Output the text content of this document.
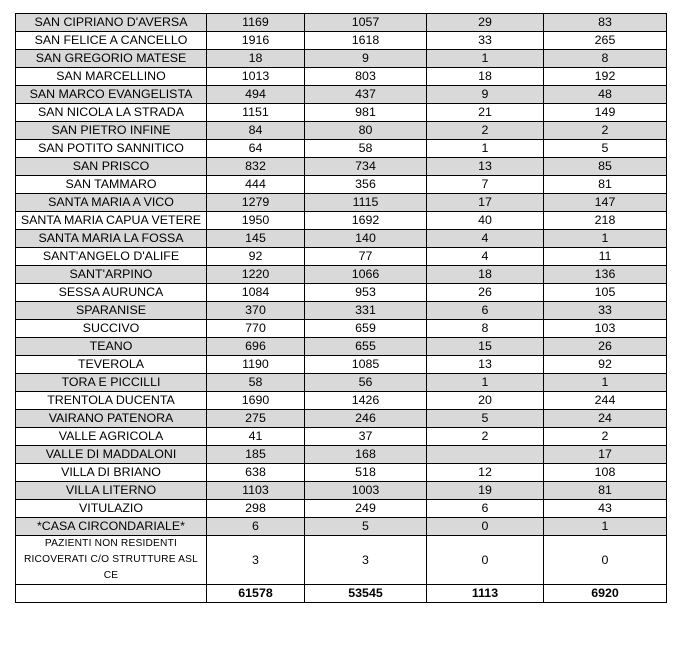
SAN CIPRIANO D'AVERSA	1169	1057	29	83
SAN FELICE A CANCELLO	1916	1618	33	265
SAN GREGORIO MATESE	18	9	1	8
SAN MARCELLINO	1013	803	18	192
SAN MARCO EVANGELISTA	494	437	9	48
SAN NICOLA LA STRADA	1151	981	21	149
SAN PIETRO INFINE	84	80	2	2
SAN POTITO SANNITICO	64	58	1	5
SAN PRISCO	832	734	13	85
SAN TAMMARO	444	356	7	81
SANTA MARIA A VICO	1279	1115	17	147
SANTA MARIA CAPUA VETERE	1950	1692	40	218
SANTA MARIA LA FOSSA	145	140	4	1
SANT'ANGELO D'ALIFE	92	77	4	11
SANT'ARPINO	1220	1066	18	136
SESSA AURUNCA	1084	953	26	105
SPARANISE	370	331	6	33
SUCCIVO	770	659	8	103
TEANO	696	655	15	26
TEVEROLA	1190	1085	13	92
TORA E PICCILLI	58	56	1	1
TRENTOLA DUCENTA	1690	1426	20	244
VAIRANO PATENORA	275	246	5	24
VALLE AGRICOLA	41	37	2	2
VALLE DI MADDALONI	185	168		17
VILLA DI BRIANO	638	518	12	108
VILLA LITERNO	1103	1003	19	81
VITULAZIO	298	249	6	43
*CASA CIRCONDARIALE*	6	5	0	1
PAZIENTI NON RESIDENTI RICOVERATI C/O STRUTTURE ASL CE	3	3	0	0
	61578	53545	1113	6920
